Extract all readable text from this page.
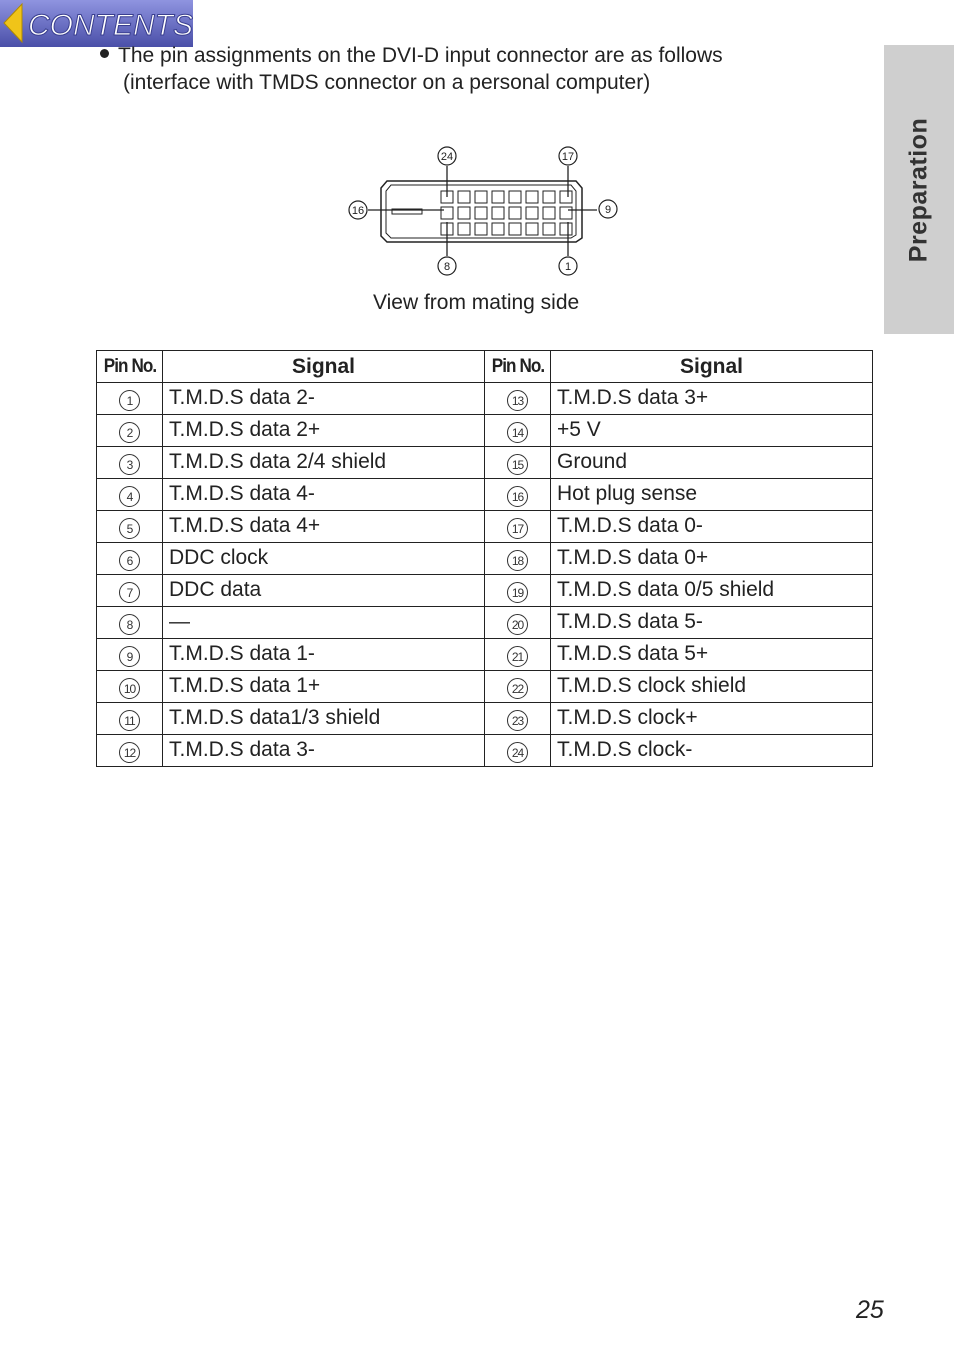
CONTENTS
Preparation
The pin assignments on the DVI-D input connector are as follows
(interface with TMDS connector on a personal computer)
24	17
16	9
8	1
View from mating side
Pin No.	Signal	Pin No.	Signal
1	T.M.D.S data 2-	13	T.M.D.S data 3+
2	T.M.D.S data 2+	14	+5 V
3	T.M.D.S data 2/4 shield	15	Ground
4	T.M.D.S data 4-	16	Hot plug sense
5	T.M.D.S data 4+	17	T.M.D.S data 0-
6	DDC clock	18	T.M.D.S data 0+
7	DDC data	19	T.M.D.S data 0/5 shield
8	—	20	T.M.D.S data 5-
9	T.M.D.S data 1-	21	T.M.D.S data 5+
10	T.M.D.S data 1+	22	T.M.D.S clock shield
11	T.M.D.S data1/3 shield	23	T.M.D.S clock+
12	T.M.D.S data 3-	24	T.M.D.S clock-
25
